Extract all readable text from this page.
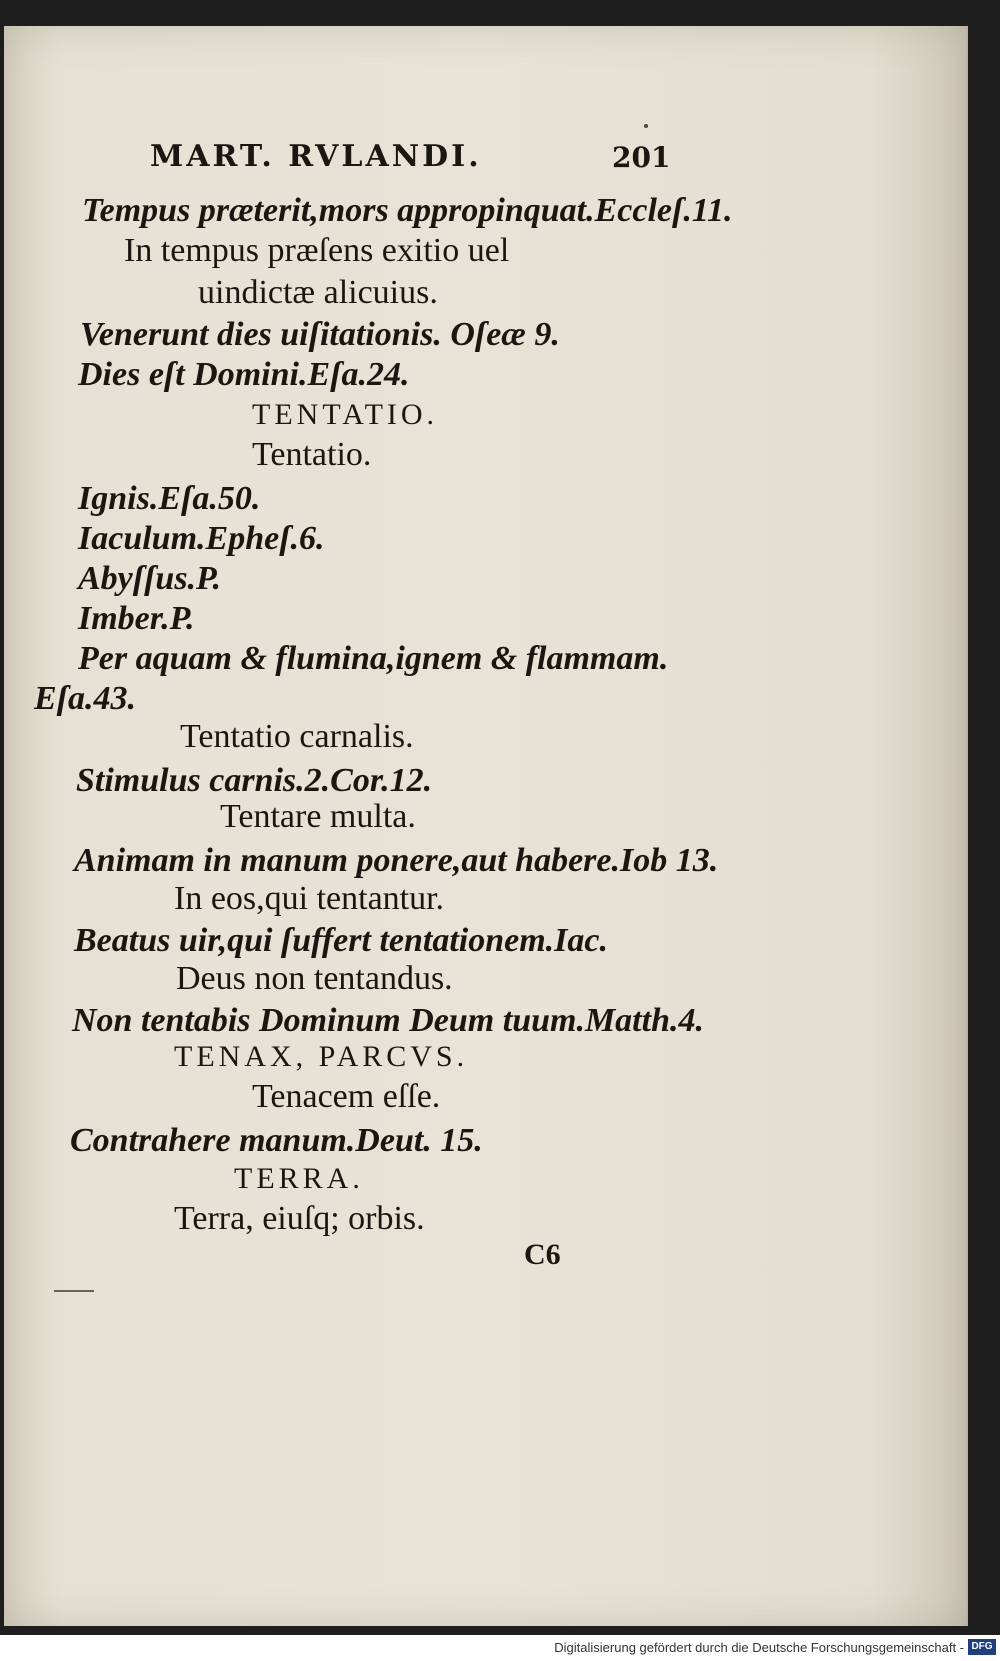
MART. RVLANDI.	201
Tempus præterit,mors appropinquat.Eccleſ.11.
In tempus præſens exitio uel
uindictæ alicuius.
Venerunt dies uiſitationis. Oſeæ 9.
Dies eſt Domini.Eſa.24.
TENTATIO.
Tentatio.
Ignis.Eſa.50.
Iaculum.Epheſ.6.
Abyſſus.P.
Imber.P.
Per aquam & flumina,ignem & flammam.
Eſa.43.
Tentatio carnalis.
Stimulus carnis.2.Cor.12.
Tentare multa.
Animam in manum ponere,aut habere.Iob 13.
In eos,qui tentantur.
Beatus uir,qui ſuffert tentationem.Iac.
Deus non tentandus.
Non tentabis Dominum Deum tuum.Matth.4.
TENAX, PARCVS.
Tenacem eſſe.
Contrahere manum.Deut. 15.
TERRA.
Terra, eiuſq; orbis.
C6
Digitalisierung gefördert durch die Deutsche Forschungsgemeinschaft - DFG
